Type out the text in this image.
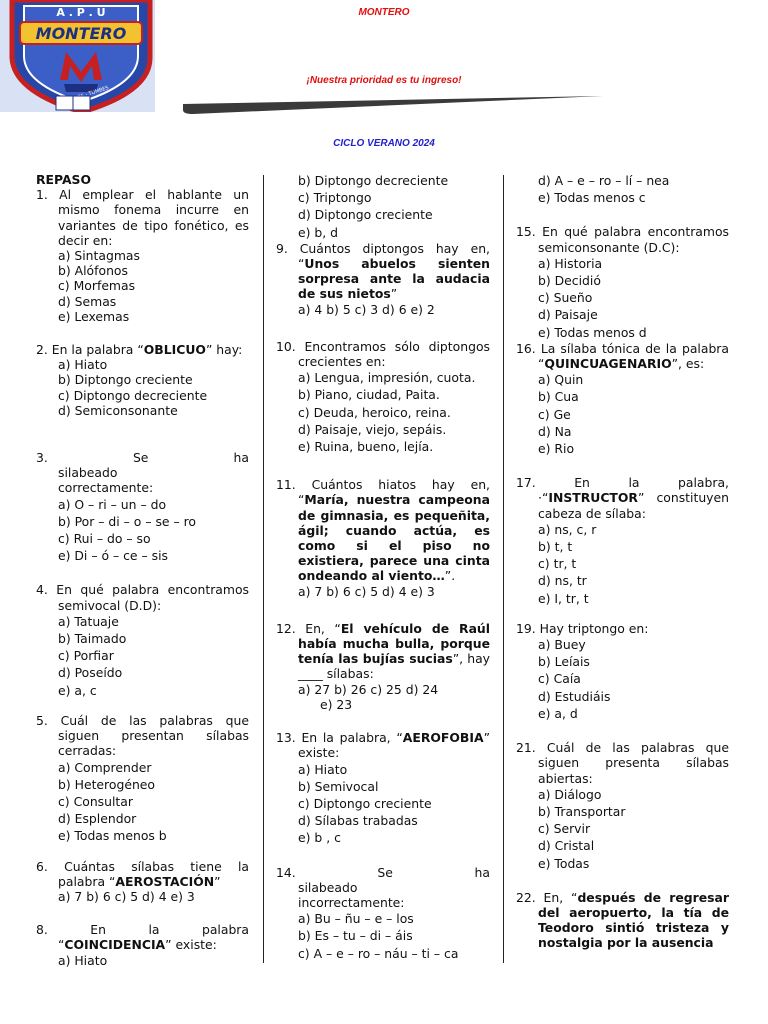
A . P . U
MONTERO
- TUMBES
MONTERO
¡Nuestra prioridad es tu ingreso!
CICLO VERANO 2024
REPASO
1. Al emplear el hablante un mismo fonema incurre en variantes de tipo fonético, es decir en:
a) Sintagmas
b) Alófonos
c) Morfemas
d) Semas
e) Lexemas
2. En la palabra “OBLICUO” hay:
a) Hiato
b) Diptongo creciente
c) Diptongo decreciente
d) Semiconsonante
3. Se ha silabeado correctamente:
a) O – ri – un – do
b) Por – di – o – se – ro
c) Rui – do – so
e) Di – ó – ce – sis
4. En qué palabra encontramos semivocal (D.D):
a) Tatuaje
b) Taimado
c) Porfiar
d) Poseído
e) a, c
5. Cuál de las palabras que siguen presentan sílabas cerradas:
a) Comprender
b) Heterogéneo
c) Consultar
d) Esplendor
e) Todas menos b
6. Cuántas sílabas tiene la palabra “AEROSTACIÓN”
a) 7 b) 6 c) 5 d) 4 e) 3
8. En la palabra “COINCIDENCIA” existe:
a) Hiato
b) Diptongo decreciente
c) Triptongo
d) Diptongo creciente
e) b, d
9. Cuántos diptongos hay en, “Unos abuelos sienten sorpresa ante la audacia de sus nietos”
a) 4 b) 5 c) 3 d) 6 e) 2
10. Encontramos sólo diptongos crecientes en:
a) Lengua, impresión, cuota.
b) Piano, ciudad, Paita.
c) Deuda, heroico, reina.
d) Paisaje, viejo, sepáis.
e) Ruina, bueno, lejía.
11. Cuántos hiatos hay en, “María, nuestra campeona de gimnasia, es pequeñita, ágil; cuando actúa, es como si el piso no existiera, parece una cinta ondeando al viento…”.
a) 7 b) 6 c) 5 d) 4 e) 3
12. En, “El vehículo de Raúl había mucha bulla, porque tenía las bujías sucias”, hay ____ sílabas:
a) 27 b) 26 c) 25 d) 24
e) 23
13. En la palabra, “AEROFOBIA” existe:
a) Hiato
b) Semivocal
c) Diptongo creciente
d) Sílabas trabadas
e) b , c
14. Se ha silabeado incorrectamente:
a) Bu – ñu – e – los
b) Es – tu – di – áis
c) A – e – ro – náu – ti – ca
d) A – e – ro – lí – nea
e) Todas menos c
15. En qué palabra encontramos semiconsonante (D.C):
a) Historia
b) Decidió
c) Sueño
d) Paisaje
e) Todas menos d
16. La sílaba tónica de la palabra “QUINCUAGENARIO”, es:
a) Quin
b) Cua
c) Ge
d) Na
e) Rio
17. En la palabra, ·“INSTRUCTOR” constituyen cabeza de sílaba:
a) ns, c, r
b) t, t
c) tr, t
d) ns, tr
e) I, tr, t
19. Hay triptongo en:
a) Buey
b) Leíais
c) Caía
d) Estudiáis
e) a, d
21. Cuál de las palabras que siguen presenta sílabas abiertas:
a) Diálogo
b) Transportar
c) Servir
d) Cristal
e) Todas
22. En, “después de regresar del aeropuerto, la tía de Teodoro sintió tristeza y nostalgia por la ausencia
